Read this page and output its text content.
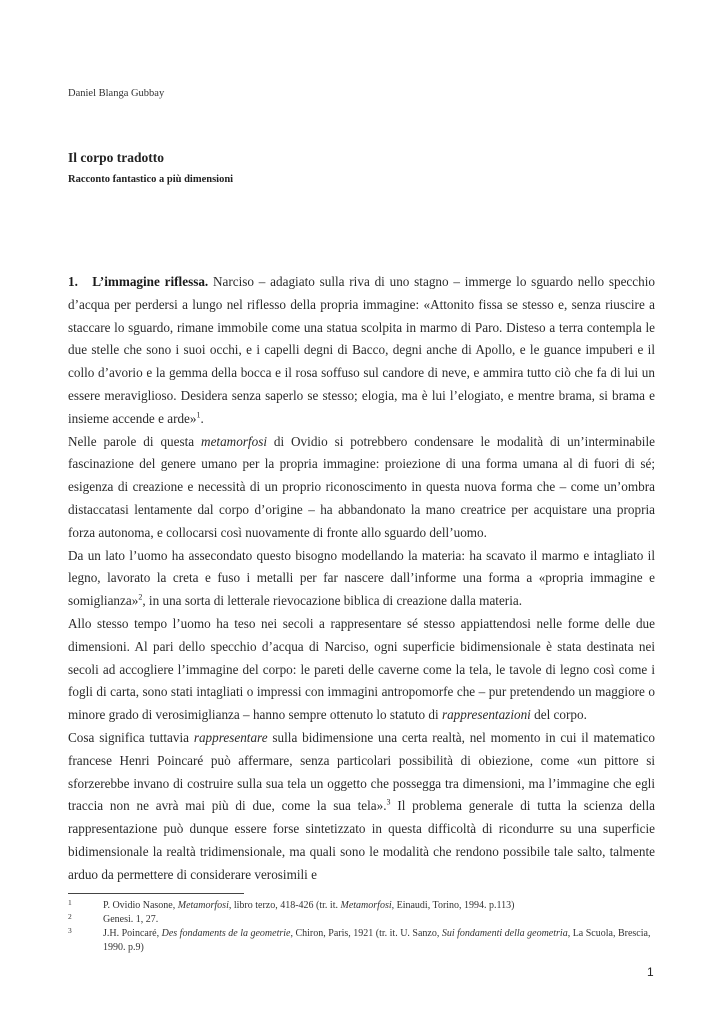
Daniel Blanga Gubbay
Il corpo tradotto
Racconto fantastico a più dimensioni

1. L’immagine riflessa. Narciso – adagiato sulla riva di uno stagno – immerge lo sguardo nello specchio d’acqua per perdersi a lungo nel riflesso della propria immagine: «Attonito fissa se stesso e, senza riuscire a staccare lo sguardo, rimane immobile come una statua scolpita in marmo di Paro. Disteso a terra contempla le due stelle che sono i suoi occhi, e i capelli degni di Bacco, degni anche di Apollo, e le guance impuberi e il collo d’avorio e la gemma della bocca e il rosa soffuso sul candore di neve, e ammira tutto ciò che fa di lui un essere meraviglioso. Desidera senza saperlo se stesso; elogia, ma è lui l’elogiato, e mentre brama, si brama e insieme accende e arde»$^1$.

Nelle parole di questa metamorfosi di Ovidio si potrebbero condensare le modalità di un’interminabile fascinazione del genere umano per la propria immagine: proiezione di una forma umana al di fuori di sé; esigenza di creazione e necessità di un proprio riconoscimento in questa nuova forma che – come un’ombra distaccatasi lentamente dal corpo d’origine – ha abbandonato la mano creatrice per acquistare una propria forza autonoma, e collocarsi così nuovamente di fronte allo sguardo dell’uomo.

Da un lato l’uomo ha assecondato questo bisogno modellando la materia: ha scavato il marmo e intagliato il legno, lavorato la creta e fuso i metalli per far nascere dall’informe una forma a «propria immagine e somiglianza»$^2$, in una sorta di letterale rievocazione biblica di creazione dalla materia.

Allo stesso tempo l’uomo ha teso nei secoli a rappresentare sé stesso appiattendosi nelle forme delle due dimensioni. Al pari dello specchio d’acqua di Narciso, ogni superficie bidimensionale è stata destinata nei secoli ad accogliere l’immagine del corpo: le pareti delle caverne come la tela, le tavole di legno così come i fogli di carta, sono stati intagliati o impressi con immagini antropomorfe che – pur pretendendo un maggiore o minore grado di verosimiglianza – hanno sempre ottenuto lo statuto di rappresentazioni del corpo.

Cosa significa tuttavia rappresentare sulla bidimensione una certa realtà, nel momento in cui il matematico francese Henri Poincaré può affermare, senza particolari possibilità di obiezione, come «un pittore si sforzerebbe invano di costruire sulla sua tela un oggetto che possegga tra dimensioni, ma l’immagine che egli traccia non ne avrà mai più di due, come la sua tela».$^3$ Il problema generale di tutta la scienza della rappresentazione può dunque essere forse sintetizzato in questa difficoltà di ricondurre su una superficie bidimensionale la realtà tridimensionale, ma quali sono le modalità che rendono possibile tale salto, talmente arduo da permettere di considerare verosimili e

1	P. Ovidio Nasone, Metamorfosi, libro terzo, 418-426 (tr. it. Metamorfosi, Einaudi, Torino, 1994. p.113)
2	Genesi. 1, 27.
3	J.H. Poincaré, Des fondaments de la geometrie, Chiron, Paris, 1921 (tr. it. U. Sanzo, Sui fondamenti della geometria, La Scuola, Brescia, 1990. p.9)
1
